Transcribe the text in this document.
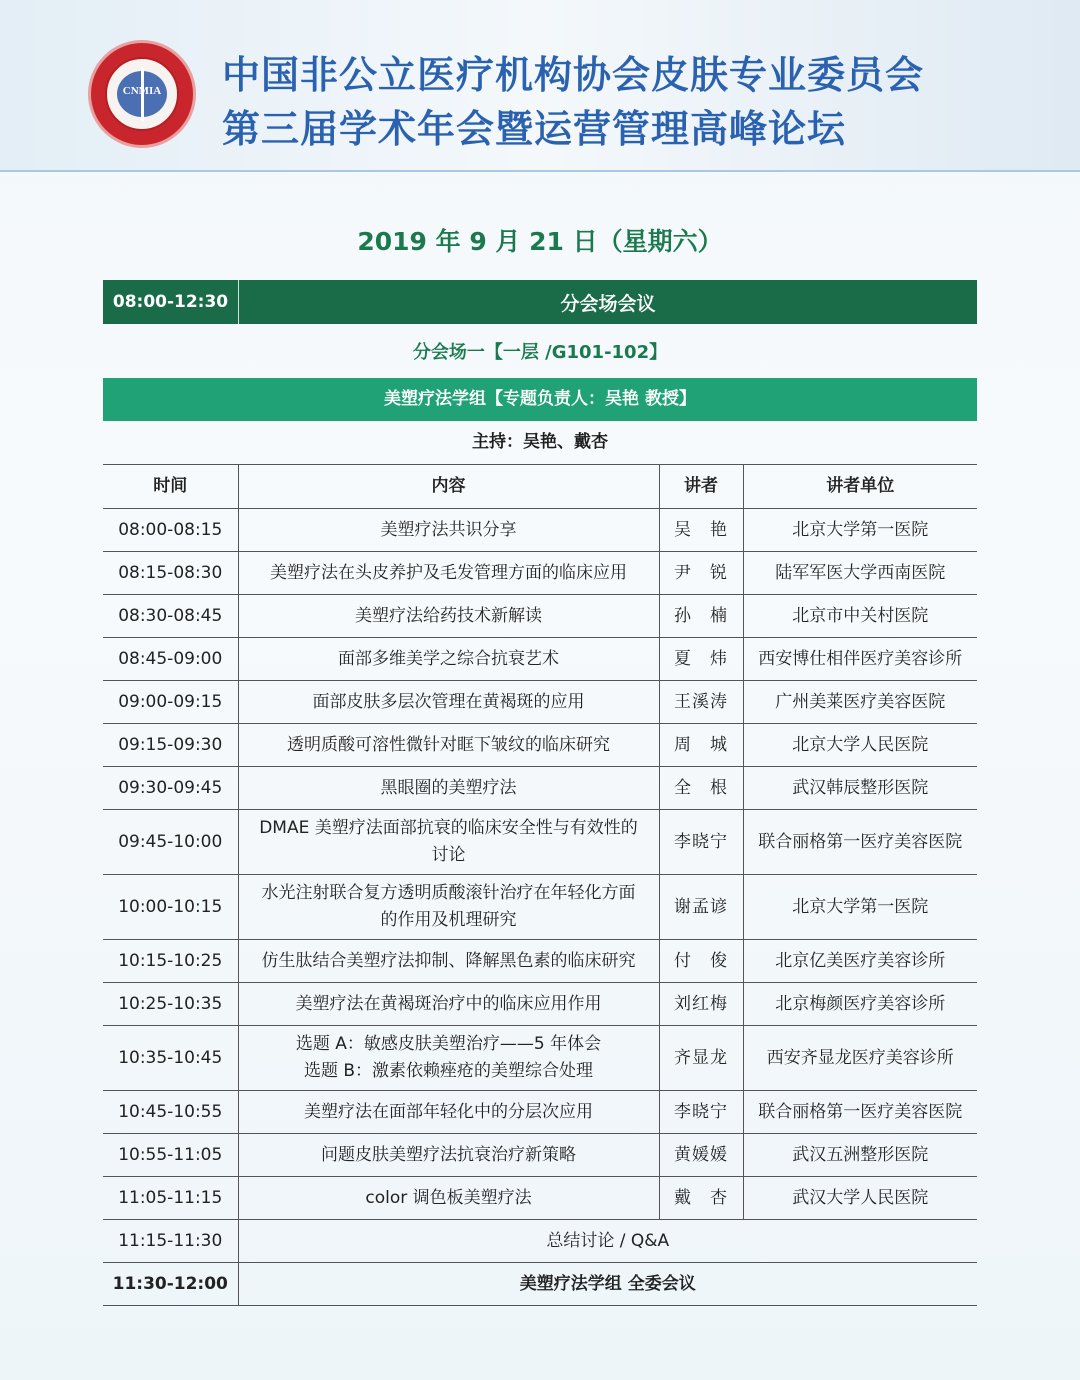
CNMIA 中国非公立医疗机构协会皮肤专业委员会
第三届学术年会暨运营管理高峰论坛
2019 年 9 月 21 日（星期六）
08:00-12:30	分会场会议
分会场一【一层 /G101-102】
美塑疗法学组【专题负责人：吴艳 教授】
主持：吴艳、戴杏
时间	内容	讲者	讲者单位
08:00-08:15	美塑疗法共识分享	吴　艳	北京大学第一医院
08:15-08:30	美塑疗法在头皮养护及毛发管理方面的临床应用	尹　锐	陆军军医大学西南医院
08:30-08:45	美塑疗法给药技术新解读	孙　楠	北京市中关村医院
08:45-09:00	面部多维美学之综合抗衰艺术	夏　炜	西安博仕相伴医疗美容诊所
09:00-09:15	面部皮肤多层次管理在黄褐斑的应用	王溪涛	广州美莱医疗美容医院
09:15-09:30	透明质酸可溶性微针对眶下皱纹的临床研究	周　城	北京大学人民医院
09:30-09:45	黑眼圈的美塑疗法	全　根	武汉韩辰整形医院
09:45-10:00	DMAE 美塑疗法面部抗衰的临床安全性与有效性的
讨论	李晓宁	联合丽格第一医疗美容医院
10:00-10:15	水光注射联合复方透明质酸滚针治疗在年轻化方面
的作用及机理研究	谢孟谚	北京大学第一医院
10:15-10:25	仿生肽结合美塑疗法抑制、降解黑色素的临床研究	付　俊	北京亿美医疗美容诊所
10:25-10:35	美塑疗法在黄褐斑治疗中的临床应用作用	刘红梅	北京梅颜医疗美容诊所
10:35-10:45	选题 A：敏感皮肤美塑治疗——5 年体会
选题 B：激素依赖痤疮的美塑综合处理	齐显龙	西安齐显龙医疗美容诊所
10:45-10:55	美塑疗法在面部年轻化中的分层次应用	李晓宁	联合丽格第一医疗美容医院
10:55-11:05	问题皮肤美塑疗法抗衰治疗新策略	黄媛媛	武汉五洲整形医院
11:05-11:15	color 调色板美塑疗法	戴　杏	武汉大学人民医院
11:15-11:30	总结讨论 / Q&A		
11:30-12:00	美塑疗法学组 全委会议		
